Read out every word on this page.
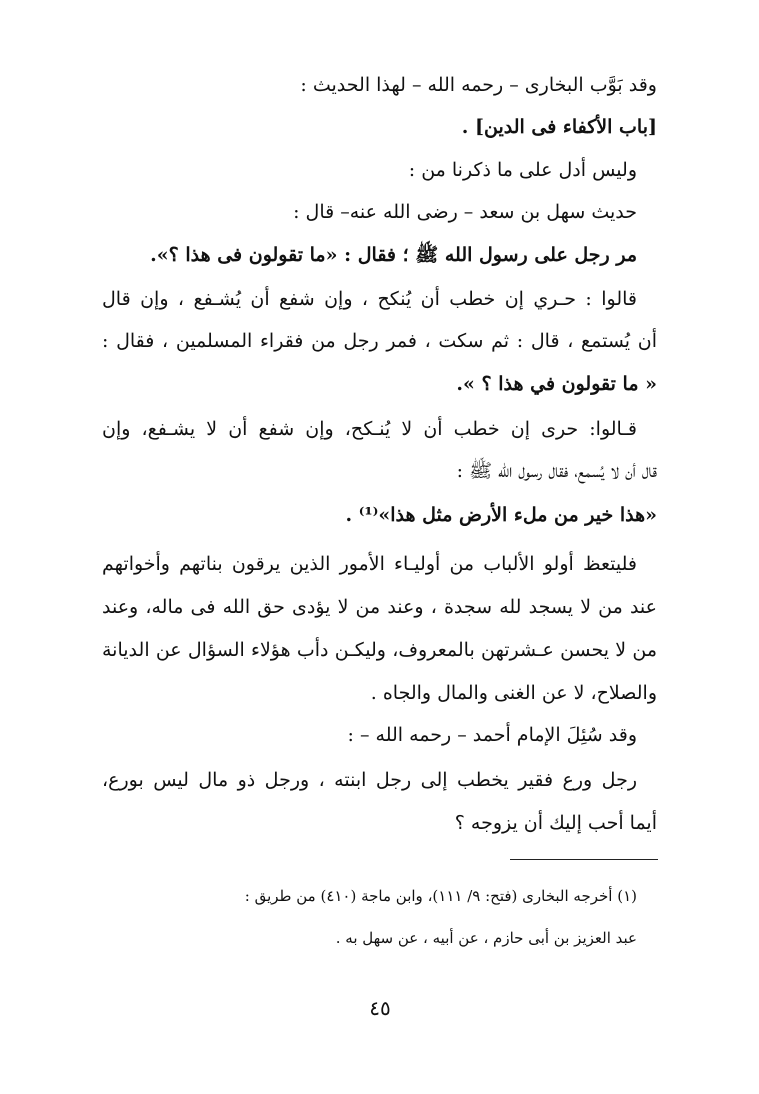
وقد بَوَّب البخارى – رحمه الله – لهذا الحديث :
[باب الأكفاء فى الدين] .
وليس أدل على ما ذكرنا من :
حديث سهل بن سعد – رضى الله عنه– قال :
مر رجل على رسول الله ﷺ ؛ فقال : «ما تقولون فى هذا ؟».
قالوا : حـري إن خطب أن يُنكح ، وإن شفع أن يُشـفع ، وإن قال
أن يُستمع ، قال : ثم سكت ، فمر رجل من فقراء المسلمين ، فقال :
« ما تقولون في هذا ؟ ».
قـالوا: حرى إن خطب أن لا يُنـكح، وإن شفع أن لا يشـفع، وإن
قال أن لا يُسمع، فقال رسول الله ﷺ :
«هذا خير من ملء الأرض مثل هذا»⁽¹⁾ .
فليتعظ أولو الألباب من أوليـاء الأمور الذين يرقون بناتهم وأخواتهم
عند من لا يسجد لله سجدة ، وعند من لا يؤدى حق الله فى ماله، وعند
من لا يحسن عـشرتهن بالمعروف، وليكـن دأب هؤلاء السؤال عن الديانة
والصلاح، لا عن الغنى والمال والجاه .
وقد سُئِلَ الإمام أحمد – رحمه الله – :
رجل ورع فقير يخطب إلى رجل ابنته ، ورجل ذو مال ليس بورع،
أيما أحب إليك أن يزوجه ؟
(١) أخرجه البخارى (فتح: ٩/ ١١١)، وابن ماجة (٤١٠) من طريق :
عبد العزيز بن أبى حازم ، عن أبيه ، عن سهل به .
٤٥
